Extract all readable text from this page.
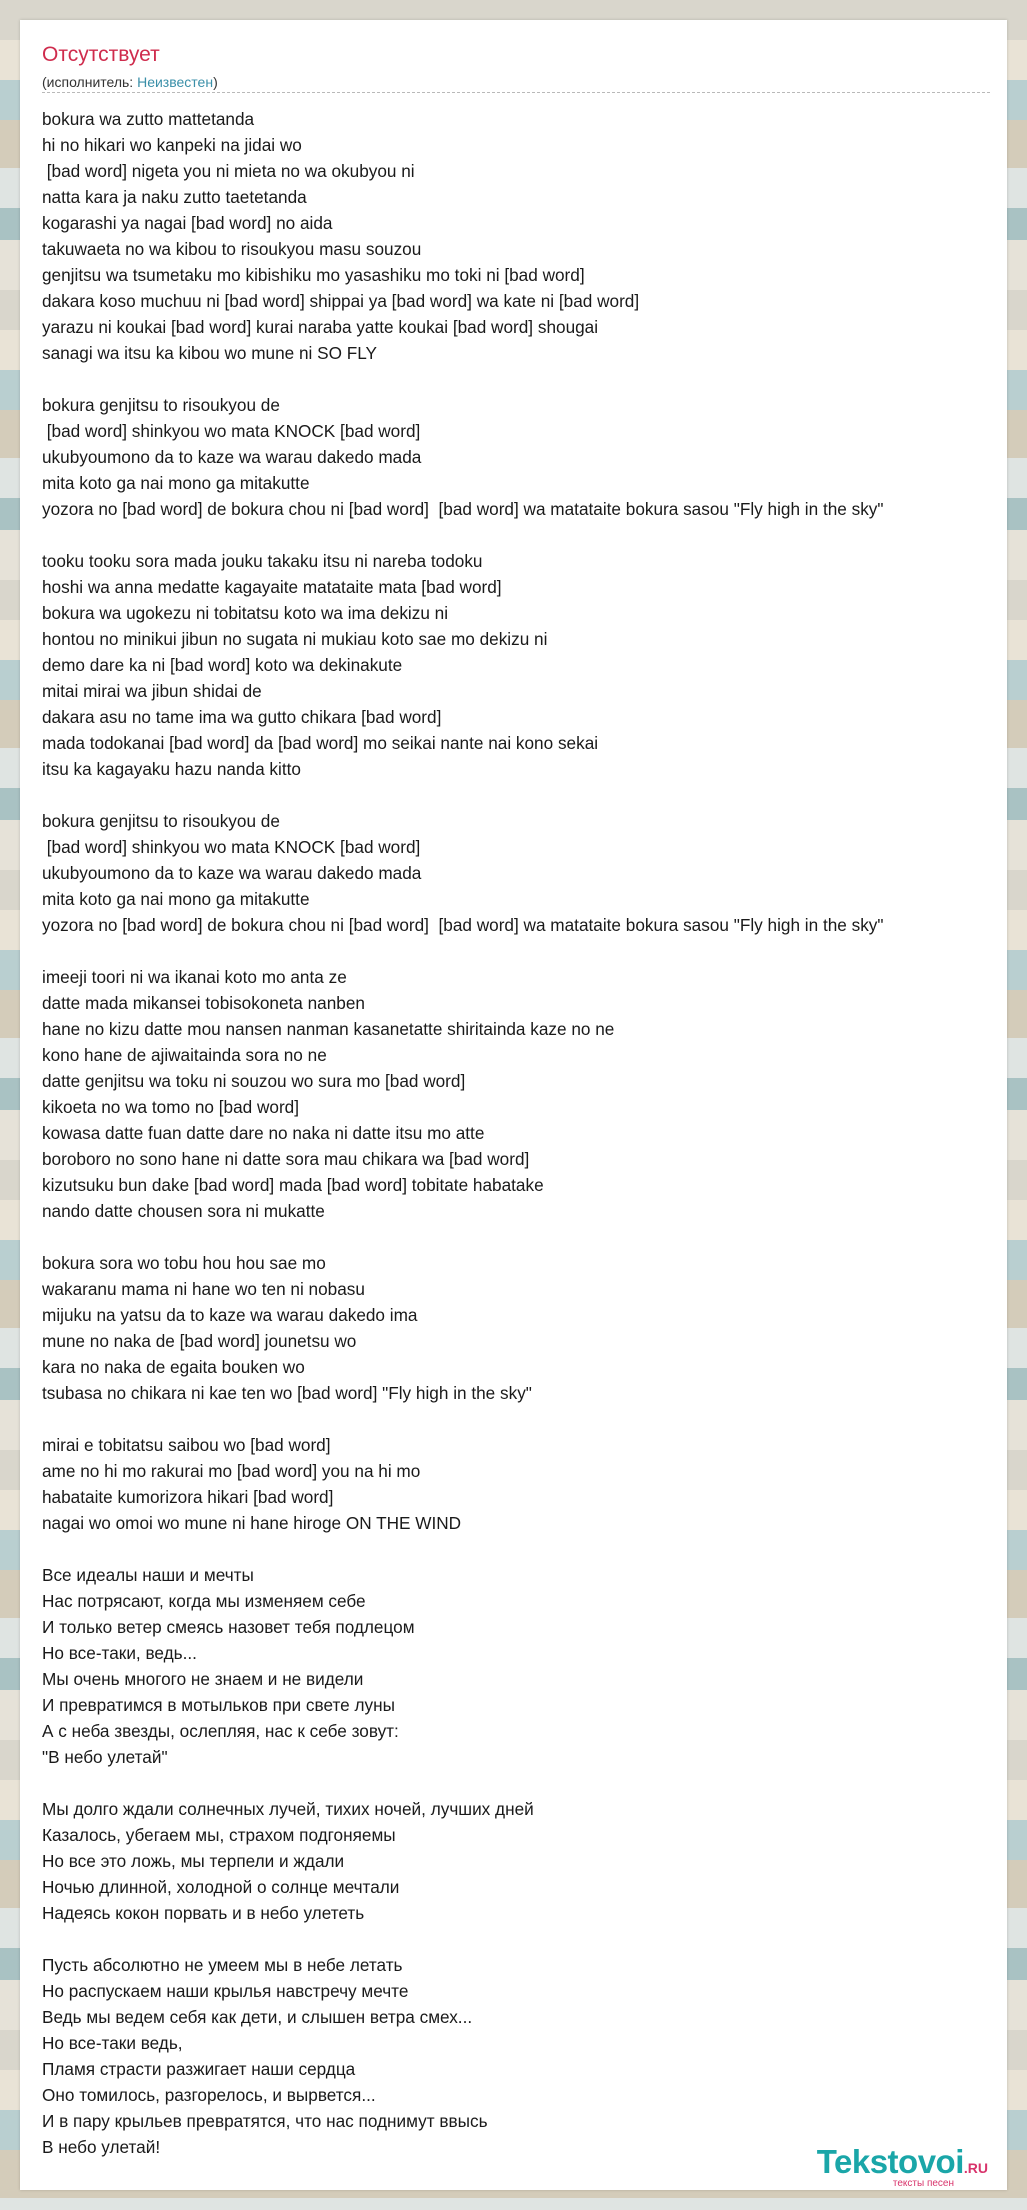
Отсутствует
(исполнитель: Неизвестен)
bokura wa zutto mattetanda
hi no hikari wo kanpeki na jidai wo
[bad word] nigeta you ni mieta no wa okubyou ni
natta kara ja naku zutto taetetanda
kogarashi ya nagai [bad word] no aida
takuwaeta no wa kibou to risoukyou masu souzou
genjitsu wa tsumetaku mo kibishiku mo yasashiku mo toki ni [bad word]
dakara koso muchuu ni [bad word] shippai ya [bad word] wa kate ni [bad word]
yarazu ni koukai [bad word] kurai naraba yatte koukai [bad word] shougai
sanagi wa itsu ka kibou wo mune ni SO FLY
bokura genjitsu to risoukyou de
[bad word] shinkyou wo mata KNOCK [bad word]
ukubyoumono da to kaze wa warau dakedo mada
mita koto ga nai mono ga mitakutte
yozora no [bad word] de bokura chou ni [bad word]  [bad word] wa matataite bokura sasou "Fly high in the sky"
tooku tooku sora mada jouku takaku itsu ni nareba todoku
hoshi wa anna medatte kagayaite matataite mata [bad word]
bokura wa ugokezu ni tobitatsu koto wa ima dekizu ni
hontou no minikui jibun no sugata ni mukiau koto sae mo dekizu ni
demo dare ka ni [bad word] koto wa dekinakute
mitai mirai wa jibun shidai de
dakara asu no tame ima wa gutto chikara [bad word]
mada todokanai [bad word] da [bad word] mo seikai nante nai kono sekai
itsu ka kagayaku hazu nanda kitto
bokura genjitsu to risoukyou de
[bad word] shinkyou wo mata KNOCK [bad word]
ukubyoumono da to kaze wa warau dakedo mada
mita koto ga nai mono ga mitakutte
yozora no [bad word] de bokura chou ni [bad word]  [bad word] wa matataite bokura sasou "Fly high in the sky"
imeeji toori ni wa ikanai koto mo anta ze
datte mada mikansei tobisokoneta nanben
hane no kizu datte mou nansen nanman kasanetatte shiritainda kaze no ne
kono hane de ajiwaitainda sora no ne
datte genjitsu wa toku ni souzou wo sura mo [bad word]
kikoeta no wa tomo no [bad word]
kowasa datte fuan datte dare no naka ni datte itsu mo atte
boroboro no sono hane ni datte sora mau chikara wa [bad word]
kizutsuku bun dake [bad word] mada [bad word] tobitate habatake
nando datte chousen sora ni mukatte
bokura sora wo tobu hou hou sae mo
wakaranu mama ni hane wo ten ni nobasu
mijuku na yatsu da to kaze wa warau dakedo ima
mune no naka de [bad word] jounetsu wo
kara no naka de egaita bouken wo
tsubasa no chikara ni kae ten wo [bad word] "Fly high in the sky"
mirai e tobitatsu saibou wo [bad word]
ame no hi mo rakurai mo [bad word] you na hi mo
habataite kumorizora hikari [bad word]
nagai wo omoi wo mune ni hane hiroge ON THE WIND
Все идеалы наши и мечты
Нас потрясают, когда мы изменяем себе
И только ветер смеясь назовет тебя подлецом
Но все-таки, ведь...
Мы очень многого не знаем и не видели
И превратимся в мотыльков при свете луны
А с неба звезды, ослепляя, нас к себе зовут:
"В небо улетай"
Мы долго ждали солнечных лучей, тихих ночей, лучших дней
Казалось, убегаем мы, страхом подгоняемы
Но все это ложь, мы терпели и ждали
Ночью длинной, холодной о солнце мечтали
Надеясь кокон порвать и в небо улететь
Пусть абсолютно не умеем мы в небе летать
Но распускаем наши крылья навстречу мечте
Ведь мы ведем себя как дети, и слышен ветра смех...
Но все-таки ведь,
Пламя страсти разжигает наши сердца
Оно томилось, разгорелось, и вырвется...
И в пару крыльев превратятся, что нас поднимут ввысь
В небо улетай!	Tekstovoi.RU
тексты песен
